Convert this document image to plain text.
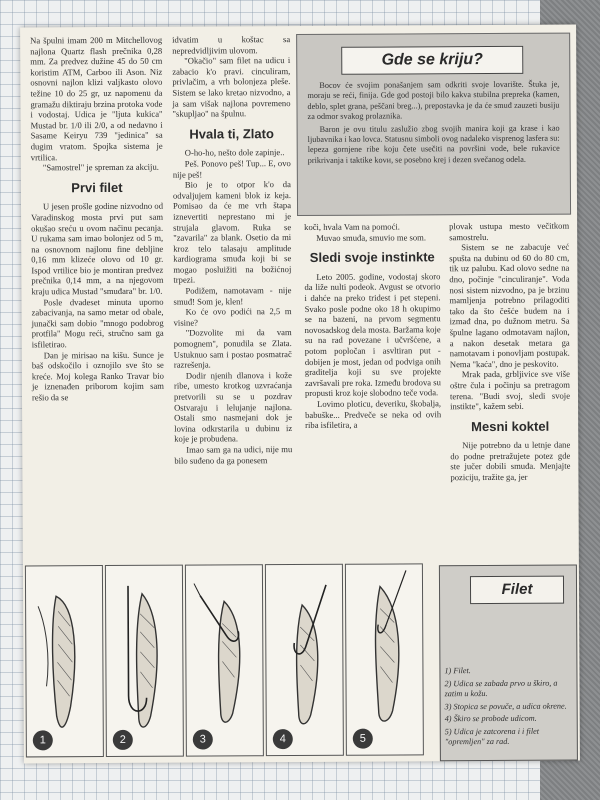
Na špulni imam 200 m Mitchellovog najlona Quartz flash prečnika 0,28 mm. Za predvez dužine 45 do 50 cm koristim ATM, Carboo ili Ason. Niz osnovni najlon klizi valjkasto olovo težine 10 do 25 gr, uz napomenu da gramažu diktiraju brzina protoka vode i vodostaj. Udica je "ljuta kukica" Mustad br. 1/0 ili 2/0, a od nedavno i Sasame Keiryu 739 "jedinica" sa dugim vratom. Spojka sistema je vrtilica.

"Samostrel" je spreman za akciju.

Prvi filet

U jesen prošle godine nizvodno od Varadinskog mosta prvi put sam okušao sreću u ovom načinu pecanja. U rukama sam imao bolonjez od 5 m, na osnovnom najlonu fine debljine 0,16 mm klizeće olovo od 10 gr. Ispod vrtilice bio je montiran predvez prečnika 0,14 mm, a na njegovom kraju udica Mustad "smuđara" br. 1/0.

Posle dvadeset minuta uporno zabacivanja, na samo metar od obale, junački sam dobio "mnogo podobrog protfila" Mogu reći, stručno sam ga isfiletirao.

Dan je mirisao na kišu. Sunce je baš odskočilo i oznojilo sve što se kreće. Moj kolega Ranko Travar bio je iznenađen priborom kojim sam rešio da se

idvatim u koštac sa nepredvidljivim ulovom.

"Okačio" sam filet na udicu i zabacio k'o pravi. cinculiram, privlačim, a vrh bolonjeza pleše. Sistem se lako kretao nizvodno, a ja sam višak najlona povremeno "skupljao" na špulnu.

Hvala ti, Zlato

O-ho-ho, nešto dole zapinje..

Peš. Ponovo peš! Tup... E, ovo nije peš!

Bio je to otpor k'o da odvaljujem kameni blok iz keja. Pomisao da će me vrh štapa iznevertiti neprestano mi je strujala glavom. Ruka se "zavarila" za blank. Osetio da mi kroz telo talasaju amplitude kardiograma smuđa koji bi se mogao posluižiti na božićnoj trpezi.

Podižem, namotavam - nije smuđ! Som je, klen!

Ko će ovo podići na 2,5 m visine?

"Dozvolite mi da vam pomognem", ponudila se Zlata. Ustuknuo sam i postao posmatrač razrešenja.

Dodir njenih dlanova i kože ribe, umesto krotkog uzvraćanja pretvorili su se u pozdrav Ostvaraju i lelujanje najlona. Ostali smo nasmejani dok je lovina odkrstarila u dubinu iz koje je probudena.

Imao sam ga na udici, nije mu bilo suđeno da ga ponesem

Gde se kriju?

Bocov će svojim ponašanjem sam odkriti svoje lovarište. Štuka je, moraju se reći, finija. Gde god postoji bilo kakva stubilna prepreka (kamen, deblo, splet grana, peščani breg...), prepostavka je da će smuđ zauzeti busiju za odmor svakog prolaznika.

Baron je ovu titulu zaslužio zbog svojih manira koji ga krase i kao ljubavnika i kao lovca. Statusnu simboli ovog nadaleko visprenog lasfera su: lepeza gornjene ribe koju čete usečiti na površini vode, bele rukavice prikrivanja i taktike kovи, se posebno krej i dezen svečanog odela.

koči, hvala Vam na pomoći.

Muvao smuđa, smuvio me som.

Sledi svoje instinkte

Leto 2005. godine, vodostaj skoro da liže nulti podeok. Avgust se otvorio i dahće na preko tridest i pet stepeni. Svako posle podne oko 18 h okupimo se na bazeni, na prvom segmentu novosadskog dela mosta. Baržama koje su na rad povezane i učvršćene, a potom popločan i asvltiran put - dobijen je most, jedan od podviga onih graditelja koji su sve projekte završavali pre roka. Između brodova su propusti kroz koje slobodno teče voda.

Lovimo ploticu, deveriku, škobalja, babuške... Predveče se neka od ovih riba isfiletira, a

plovak ustupa mesto večitkom samostrelu.

Sistem se ne zabacuje već spušta na dubinu od 60 do 80 cm, tik uz palubu. Kad olovo sedne na dno, počinje "cinculiranje". Voda nosi sistem nizvodno, pa je brzinu mamljenja potrebno prilagoditi tako da što češće budem na i izmađ dna, po dužnom metru. Sa špulne lagano odmotavam najlon, a nakon desetak metara ga namotavam i ponovljam postupak. Nema "kaća", dno je peskovito.

Mrak pada, grbljivice sve više oštre čula i počinju sa pretragom terena. "Budi svoj, sledi svoje instikte", kažem sebi.

Mesni koktel

Nije potrebno da u letnje dane do podne pretražujete potez gde ste jučer dobili smuđa. Menjajte poziciju, tražite ga, jer

1	2	3	4	5
Filet
1) Filet.
2) Udica se zabada prvo u škiro, a zatim u kožu.
3) Stopica se povuče, a udica okrene.
4) Škiro se probode udicom.
5) Udica je zatcorena i i filet "opremljen" za rad.
